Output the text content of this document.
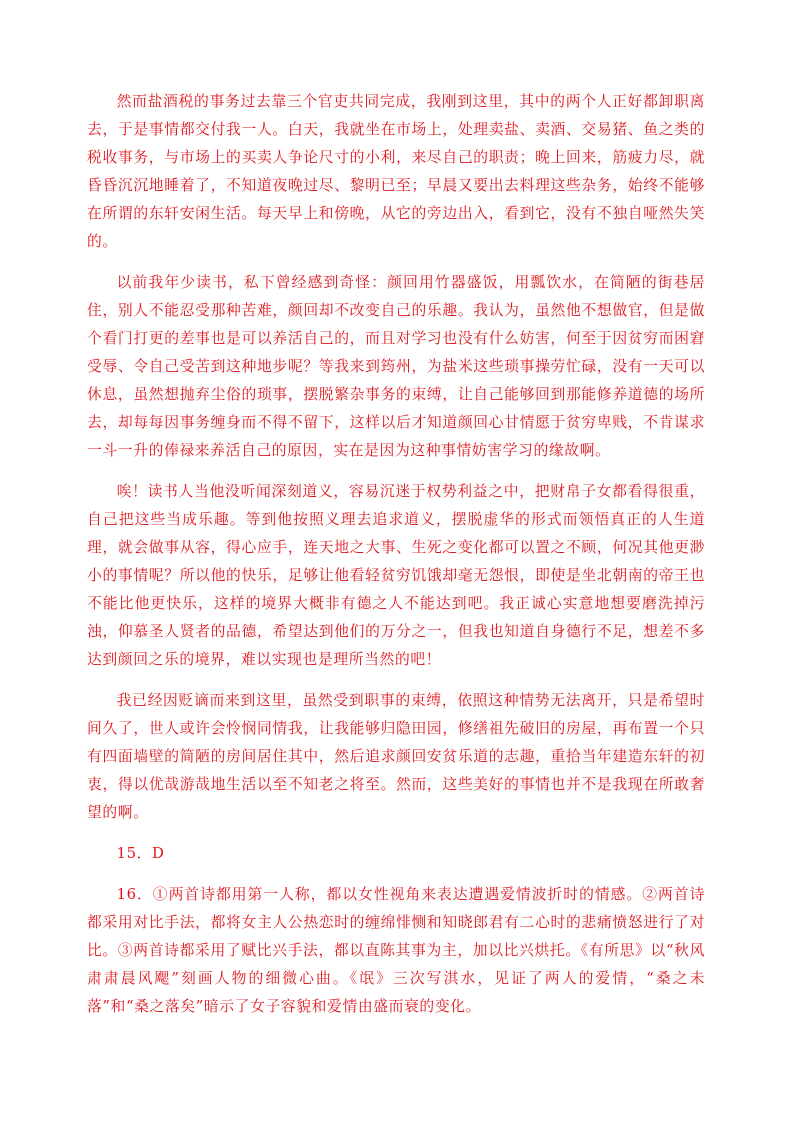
然而盐酒税的事务过去靠三个官吏共同完成，我刚到这里，其中的两个人正好都卸职离去，于是事情都交付我一人。白天，我就坐在市场上，处理卖盐、卖酒、交易猪、鱼之类的税收事务，与市场上的买卖人争论尺寸的小利，来尽自己的职责；晚上回来，筋疲力尽，就昏昏沉沉地睡着了，不知道夜晚过尽、黎明已至；早晨又要出去料理这些杂务，始终不能够在所谓的东轩安闲生活。每天早上和傍晚，从它的旁边出入，看到它，没有不独自哑然失笑的。

以前我年少读书，私下曾经感到奇怪：颜回用竹器盛饭，用瓢饮水，在简陋的街巷居住，别人不能忍受那种苦难，颜回却不改变自己的乐趣。我认为，虽然他不想做官，但是做个看门打更的差事也是可以养活自己的，而且对学习也没有什么妨害，何至于因贫穷而困窘受辱、令自己受苦到这种地步呢？等我来到筠州，为盐米这些琐事操劳忙碌，没有一天可以休息，虽然想抛弃尘俗的琐事，摆脱繁杂事务的束缚，让自己能够回到那能修养道德的场所去，却每每因事务缠身而不得不留下，这样以后才知道颜回心甘情愿于贫穷卑贱，不肯谋求一斗一升的俸禄来养活自己的原因，实在是因为这种事情妨害学习的缘故啊。

唉！读书人当他没听闻深刻道义，容易沉迷于权势利益之中，把财帛子女都看得很重，自己把这些当成乐趣。等到他按照义理去追求道义，摆脱虚华的形式而领悟真正的人生道理，就会做事从容，得心应手，连天地之大事、生死之变化都可以置之不顾，何况其他更渺小的事情呢？所以他的快乐，足够让他看轻贫穷饥饿却毫无怨恨，即使是坐北朝南的帝王也不能比他更快乐，这样的境界大概非有德之人不能达到吧。我正诚心实意地想要磨洗掉污浊，仰慕圣人贤者的品德，希望达到他们的万分之一，但我也知道自身德行不足，想差不多达到颜回之乐的境界，难以实现也是理所当然的吧！

我已经因贬谪而来到这里，虽然受到职事的束缚，依照这种情势无法离开，只是希望时间久了，世人或许会怜悯同情我，让我能够归隐田园，修缮祖先破旧的房屋，再布置一个只有四面墙壁的简陋的房间居住其中，然后追求颜回安贫乐道的志趣，重拾当年建造东轩的初衷，得以优哉游哉地生活以至不知老之将至。然而，这些美好的事情也并不是我现在所敢奢望的啊。

15．D

16．①两首诗都用第一人称，都以女性视角来表达遭遇爱情波折时的情感。②两首诗都采用对比手法，都将女主人公热恋时的缠绵悱恻和知晓郎君有二心时的悲痛愤怒进行了对比。③两首诗都采用了赋比兴手法，都以直陈其事为主，加以比兴烘托。《有所思》以“秋风肃肃晨风飔”刻画人物的细微心曲。《氓》三次写淇水，见证了两人的爱情，“桑之未落”和“桑之落矣”暗示了女子容貌和爱情由盛而衰的变化。
